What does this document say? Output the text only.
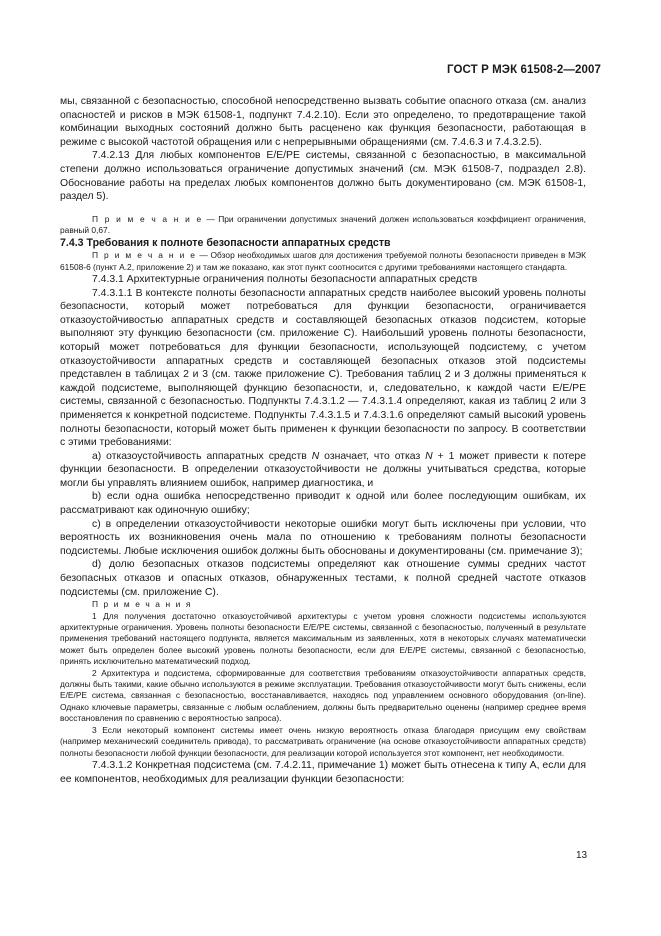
ГОСТ Р МЭК 61508-2—2007

мы, связанной с безопасностью, способной непосредственно вызвать событие опасного отказа (см. анализ опасностей и рисков в МЭК 61508-1, подпункт 7.4.2.10). Если это определено, то предотвращение такой комбинации выходных состояний должно быть расценено как функция безопасности, работающая в режиме с высокой частотой обращения или с непрерывными обращениями (см. 7.4.6.3 и 7.4.3.2.5).

7.4.2.13 Для любых компонентов Е/Е/РЕ системы, связанной с безопасностью, в максимальной степени должно использоваться ограничение допустимых значений (см. МЭК 61508-7, подраздел 2.8). Обоснование работы на пределах любых компонентов должно быть документировано (см. МЭК 61508-1, раздел 5).

П р и м е ч а н и е — При ограничении допустимых значений должен использоваться коэффициент ограничения, равный 0,67.

7.4.3 Требования к полноте безопасности аппаратных средств

П р и м е ч а н и е — Обзор необходимых шагов для достижения требуемой полноты безопасности приведен в МЭК 61508-6 (пункт А.2, приложение 2) и там же показано, как этот пункт соотносится с другими требованиями настоящего стандарта.

7.4.3.1 Архитектурные ограничения полноты безопасности аппаратных средств

7.4.3.1.1 В контексте полноты безопасности аппаратных средств наиболее высокий уровень полноты безопасности, который может потребоваться для функции безопасности, ограничивается отказоустойчивостью аппаратных средств и составляющей безопасных отказов подсистем, которые выполняют эту функцию безопасности (см. приложение С). Наибольший уровень полноты безопасности, который может потребоваться для функции безопасности, использующей подсистему, с учетом отказоустойчивости аппаратных средств и составляющей безопасных отказов этой подсистемы представлен в таблицах 2 и 3 (см. также приложение С). Требования таблиц 2 и 3 должны применяться к каждой подсистеме, выполняющей функцию безопасности, и, следовательно, к каждой части Е/Е/РЕ системы, связанной с безопасностью. Подпункты 7.4.3.1.2 — 7.4.3.1.4 определяют, какая из таблиц 2 или 3 применяется к конкретной подсистеме. Подпункты 7.4.3.1.5 и 7.4.3.1.6 определяют самый высокий уровень полноты безопасности, который может быть применен к функции безопасности по запросу. В соответствии с этими требованиями:

а) отказоустойчивость аппаратных средств N означает, что отказ N + 1 может привести к потере функции безопасности. В определении отказоустойчивости не должны учитываться средства, которые могли бы управлять влиянием ошибок, например диагностика, и

b) если одна ошибка непосредственно приводит к одной или более последующим ошибкам, их рассматривают как одиночную ошибку;

с) в определении отказоустойчивости некоторые ошибки могут быть исключены при условии, что вероятность их возникновения очень мала по отношению к требованиям полноты безопасности подсистемы. Любые исключения ошибок должны быть обоснованы и документированы (см. примечание 3);

d) долю безопасных отказов подсистемы определяют как отношение суммы средних частот безопасных отказов и опасных отказов, обнаруженных тестами, к полной средней частоте отказов подсистемы (см. приложение С).

П р и м е ч а н и я

1 Для получения достаточно отказоустойчивой архитектуры с учетом уровня сложности подсистемы используются архитектурные ограничения. Уровень полноты безопасности Е/Е/РЕ системы, связанной с безопасностью, полученный в результате применения требований настоящего подпункта, является максимальным из заявленных, хотя в некоторых случаях математически может быть определен более высокий уровень полноты безопасности, если для Е/Е/РЕ системы, связанной с безопасностью, принять исключительно математический подход.

2 Архитектура и подсистема, сформированные для соответствия требованиям отказоустойчивости аппаратных средств, должны быть такими, какие обычно используются в режиме эксплуатации. Требования отказоустойчивости могут быть снижены, если Е/Е/РЕ система, связанная с безопасностью, восстанавливается, находясь под управлением основного оборудования (on-line). Однако ключевые параметры, связанные с любым ослаблением, должны быть предварительно оценены (например среднее время восстановления по сравнению с вероятностью запроса).

3 Если некоторый компонент системы имеет очень низкую вероятность отказа благодаря присущим ему свойствам (например механический соединитель привода), то рассматривать ограничение (на основе отказоустойчивости аппаратных средств) полноты безопасности любой функции безопасности, для реализации которой используется этот компонент, нет необходимости.

7.4.3.1.2 Конкретная подсистема (см. 7.4.2.11, примечание 1) может быть отнесена к типу А, если для ее компонентов, необходимых для реализации функции безопасности:

13
